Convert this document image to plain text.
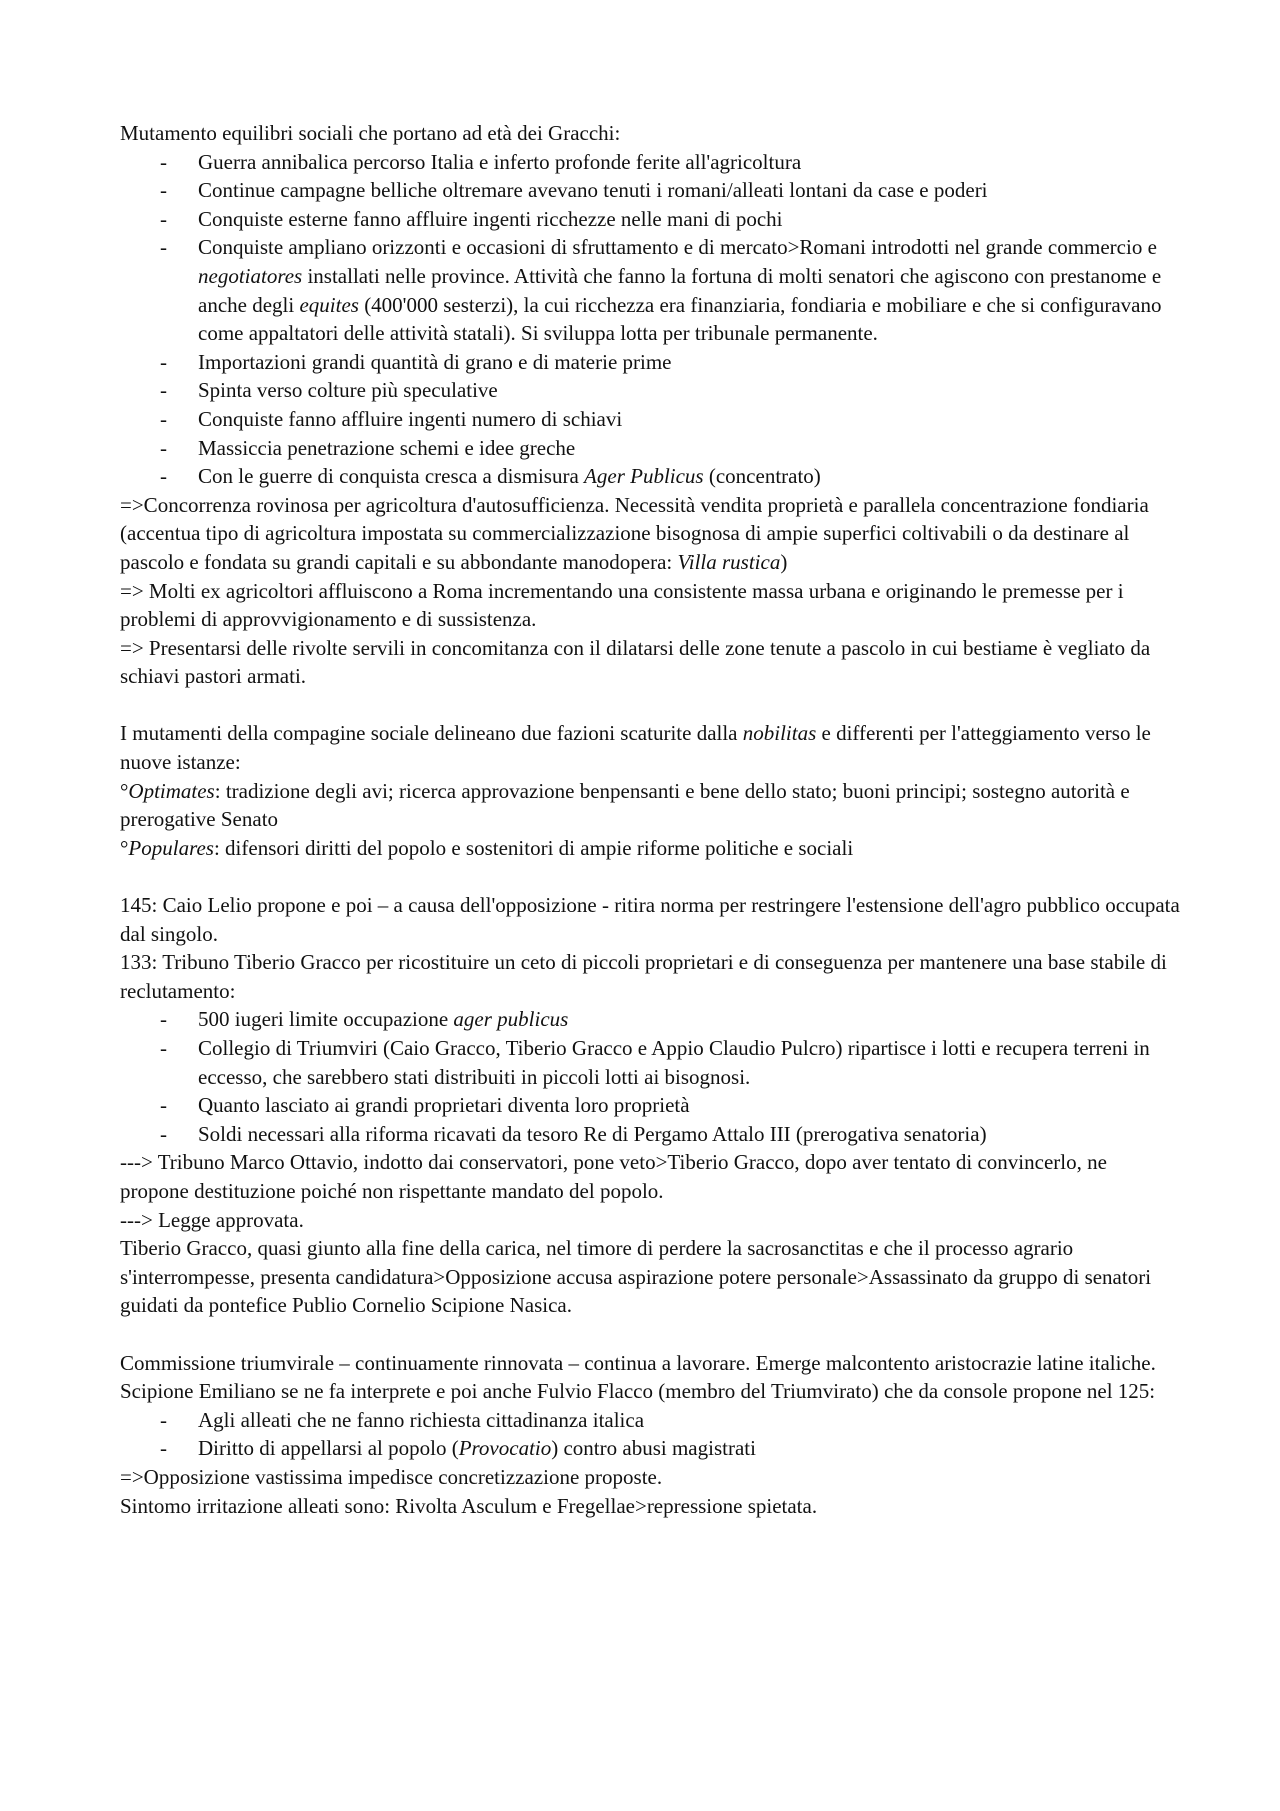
Mutamento equilibri sociali che portano ad età dei Gracchi:

- Guerra annibalica percorso Italia e inferto profonde ferite all'agricoltura
- Continue campagne belliche oltremare avevano tenuti i romani/alleati lontani da case e poderi
- Conquiste esterne fanno affluire ingenti ricchezze nelle mani di pochi
- Conquiste ampliano orizzonti e occasioni di sfruttamento e di mercato>Romani introdotti nel grande commercio e negotiatores installati nelle province. Attività che fanno la fortuna di molti senatori che agiscono con prestanome e anche degli equites (400'000 sesterzi), la cui ricchezza era finanziaria, fondiaria e mobiliare e che si configuravano come appaltatori delle attività statali). Si sviluppa lotta per tribunale permanente.
- Importazioni grandi quantità di grano e di materie prime
- Spinta verso colture più speculative
- Conquiste fanno affluire ingenti numero di schiavi
- Massiccia penetrazione schemi e idee greche
- Con le guerre di conquista cresca a dismisura Ager Publicus (concentrato)

=>Concorrenza rovinosa per agricoltura d'autosufficienza. Necessità vendita proprietà e parallela concentrazione fondiaria (accentua tipo di agricoltura impostata su commercializzazione bisognosa di ampie superfici coltivabili o da destinare al pascolo e fondata su grandi capitali e su abbondante manodopera: Villa rustica)

=> Molti ex agricoltori affluiscono a Roma incrementando una consistente massa urbana e originando le premesse per i problemi di approvvigionamento e di sussistenza.

=> Presentarsi delle rivolte servili in concomitanza con il dilatarsi delle zone tenute a pascolo in cui bestiame è vegliato da schiavi pastori armati.

I mutamenti della compagine sociale delineano due fazioni scaturite dalla nobilitas e differenti per l'atteggiamento verso le nuove istanze:

°Optimates: tradizione degli avi; ricerca approvazione benpensanti e bene dello stato; buoni principi; sostegno autorità e prerogative Senato

°Populares: difensori diritti del popolo e sostenitori di ampie riforme politiche e sociali

145: Caio Lelio propone e poi – a causa dell'opposizione - ritira norma per restringere l'estensione dell'agro pubblico occupata dal singolo.

133: Tribuno Tiberio Gracco per ricostituire un ceto di piccoli proprietari e di conseguenza per mantenere una base stabile di reclutamento:

- 500 iugeri limite occupazione ager publicus
- Collegio di Triumviri (Caio Gracco, Tiberio Gracco e Appio Claudio Pulcro) ripartisce i lotti e recupera terreni in eccesso, che sarebbero stati distribuiti in piccoli lotti ai bisognosi.
- Quanto lasciato ai grandi proprietari diventa loro proprietà
- Soldi necessari alla riforma ricavati da tesoro Re di Pergamo Attalo III (prerogativa senatoria)

---> Tribuno Marco Ottavio, indotto dai conservatori, pone veto>Tiberio Gracco, dopo aver tentato di convincerlo, ne propone destituzione poiché non rispettante mandato del popolo.

---> Legge approvata.

Tiberio Gracco, quasi giunto alla fine della carica, nel timore di perdere la sacrosanctitas e che il processo agrario s'interrompesse, presenta candidatura>Opposizione accusa aspirazione potere personale>Assassinato da gruppo di senatori guidati da pontefice Publio Cornelio Scipione Nasica.

Commissione triumvirale – continuamente rinnovata – continua a lavorare. Emerge malcontento aristocrazie latine italiche. Scipione Emiliano se ne fa interprete e poi anche Fulvio Flacco (membro del Triumvirato) che da console propone nel 125:

- Agli alleati che ne fanno richiesta cittadinanza italica
- Diritto di appellarsi al popolo (Provocatio) contro abusi magistrati

=>Opposizione vastissima impedisce concretizzazione proposte.

Sintomo irritazione alleati sono: Rivolta Asculum e Fregellae>repressione spietata.
